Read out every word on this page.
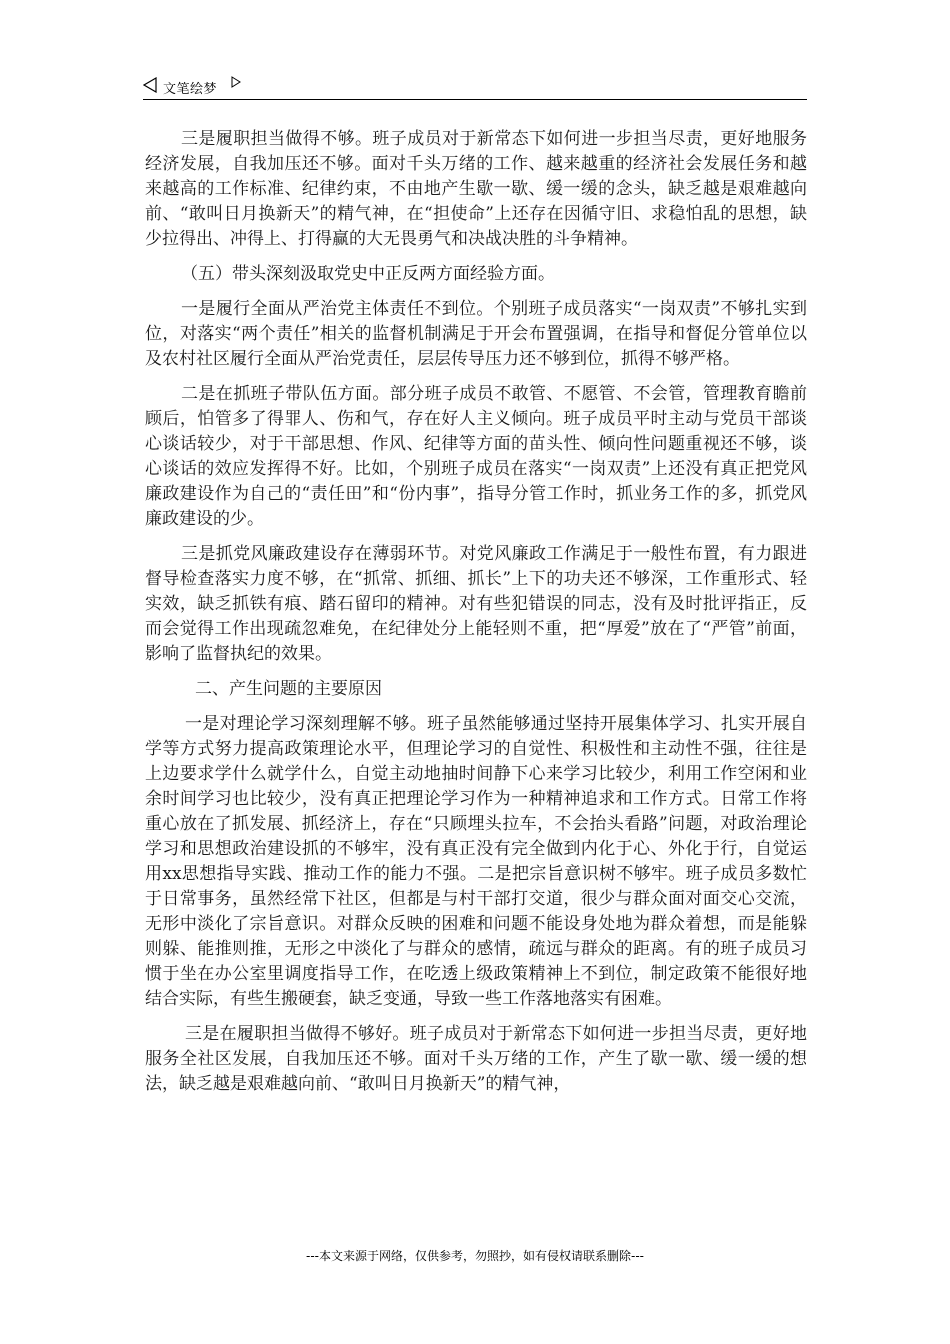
文笔绘梦

三是履职担当做得不够。班子成员对于新常态下如何进一步担当尽责，更好地服务经济发展，自我加压还不够。面对千头万绪的工作、越来越重的经济社会发展任务和越来越高的工作标准、纪律约束，不由地产生歇一歇、缓一缓的念头，缺乏越是艰难越向前、“敢叫日月换新天”的精气神，在“担使命”上还存在因循守旧、求稳怕乱的思想，缺少拉得出、冲得上、打得赢的大无畏勇气和决战决胜的斗争精神。

（五）带头深刻汲取党史中正反两方面经验方面。

一是履行全面从严治党主体责任不到位。个别班子成员落实“一岗双责”不够扎实到位，对落实“两个责任”相关的监督机制满足于开会布置强调，在指导和督促分管单位以及农村社区履行全面从严治党责任，层层传导压力还不够到位，抓得不够严格。

二是在抓班子带队伍方面。部分班子成员不敢管、不愿管、不会管，管理教育瞻前顾后，怕管多了得罪人、伤和气，存在好人主义倾向。班子成员平时主动与党员干部谈心谈话较少，对于干部思想、作风、纪律等方面的苗头性、倾向性问题重视还不够，谈心谈话的效应发挥得不好。比如，个别班子成员在落实“一岗双责”上还没有真正把党风廉政建设作为自己的“责任田”和“份内事”，指导分管工作时，抓业务工作的多，抓党风廉政建设的少。

三是抓党风廉政建设存在薄弱环节。对党风廉政工作满足于一般性布置，有力跟进督导检查落实力度不够，在“抓常、抓细、抓长”上下的功夫还不够深，工作重形式、轻实效，缺乏抓铁有痕、踏石留印的精神。对有些犯错误的同志，没有及时批评指正，反而会觉得工作出现疏忽难免，在纪律处分上能轻则不重，把“厚爱”放在了“严管”前面，影响了监督执纪的效果。

二、产生问题的主要原因

一是对理论学习深刻理解不够。班子虽然能够通过坚持开展集体学习、扎实开展自学等方式努力提高政策理论水平，但理论学习的自觉性、积极性和主动性不强，往往是上边要求学什么就学什么，自觉主动地抽时间静下心来学习比较少，利用工作空闲和业余时间学习也比较少，没有真正把理论学习作为一种精神追求和工作方式。日常工作将重心放在了抓发展、抓经济上，存在“只顾埋头拉车，不会抬头看路”问题，对政治理论学习和思想政治建设抓的不够牢，没有真正没有完全做到内化于心、外化于行，自觉运用xx思想指导实践、推动工作的能力不强。二是把宗旨意识树不够牢。班子成员多数忙于日常事务，虽然经常下社区，但都是与村干部打交道，很少与群众面对面交心交流，无形中淡化了宗旨意识。对群众反映的困难和问题不能设身处地为群众着想，而是能躲则躲、能推则推，无形之中淡化了与群众的感情，疏远与群众的距离。有的班子成员习惯于坐在办公室里调度指导工作，在吃透上级政策精神上不到位，制定政策不能很好地结合实际，有些生搬硬套，缺乏变通，导致一些工作落地落实有困难。

三是在履职担当做得不够好。班子成员对于新常态下如何进一步担当尽责，更好地服务全社区发展，自我加压还不够。面对千头万绪的工作，产生了歇一歇、缓一缓的想法，缺乏越是艰难越向前、“敢叫日月换新天”的精气神，

---本文来源于网络，仅供参考，勿照抄，如有侵权请联系删除---
